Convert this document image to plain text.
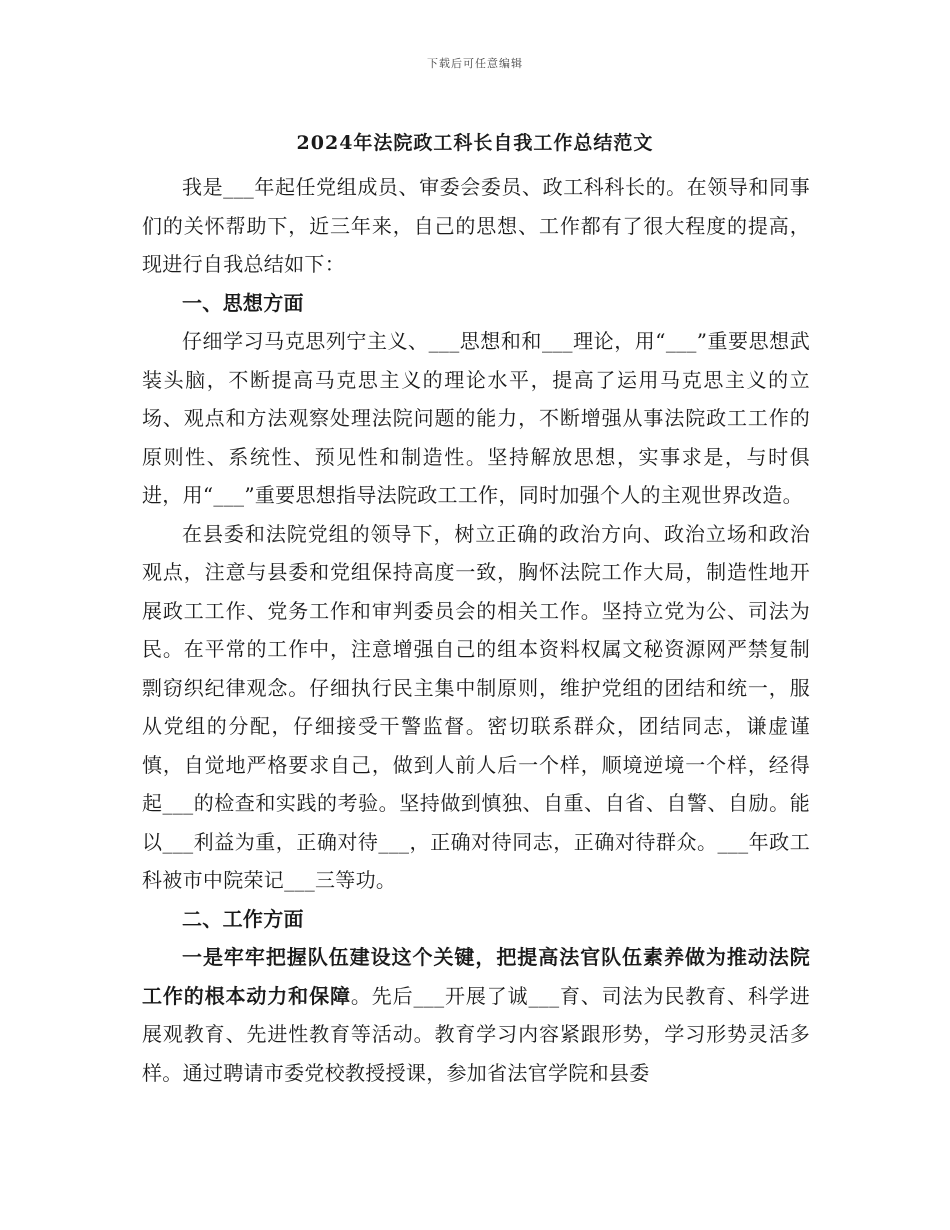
下载后可任意编辑
2024年法院政工科长自我工作总结范文

我是___年起任党组成员、审委会委员、政工科科长的。在领导和同事们的关怀帮助下，近三年来，自己的思想、工作都有了很大程度的提高，现进行自我总结如下：

一、思想方面

仔细学习马克思列宁主义、___思想和和___理论，用“___”重要思想武装头脑，不断提高马克思主义的理论水平，提高了运用马克思主义的立场、观点和方法观察处理法院问题的能力，不断增强从事法院政工工作的原则性、系统性、预见性和制造性。坚持解放思想，实事求是，与时俱进，用“___”重要思想指导法院政工工作，同时加强个人的主观世界改造。

在县委和法院党组的领导下，树立正确的政治方向、政治立场和政治观点，注意与县委和党组保持高度一致，胸怀法院工作大局，制造性地开展政工工作、党务工作和审判委员会的相关工作。坚持立党为公、司法为民。在平常的工作中，注意增强自己的组本资料权属文秘资源网严禁复制剽窃织纪律观念。仔细执行民主集中制原则，维护党组的团结和统一，服从党组的分配，仔细接受干警监督。密切联系群众，团结同志，谦虚谨慎，自觉地严格要求自己，做到人前人后一个样，顺境逆境一个样，经得起___的检查和实践的考验。坚持做到慎独、自重、自省、自警、自励。能以___利益为重，正确对待___，正确对待同志，正确对待群众。___年政工科被市中院荣记___三等功。

二、工作方面

一是牢牢把握队伍建设这个关键，把提高法官队伍素养做为推动法院工作的根本动力和保障。先后___开展了诚___育、司法为民教育、科学进展观教育、先进性教育等活动。教育学习内容紧跟形势，学习形势灵活多样。通过聘请市委党校教授授课，参加省法官学院和县委
